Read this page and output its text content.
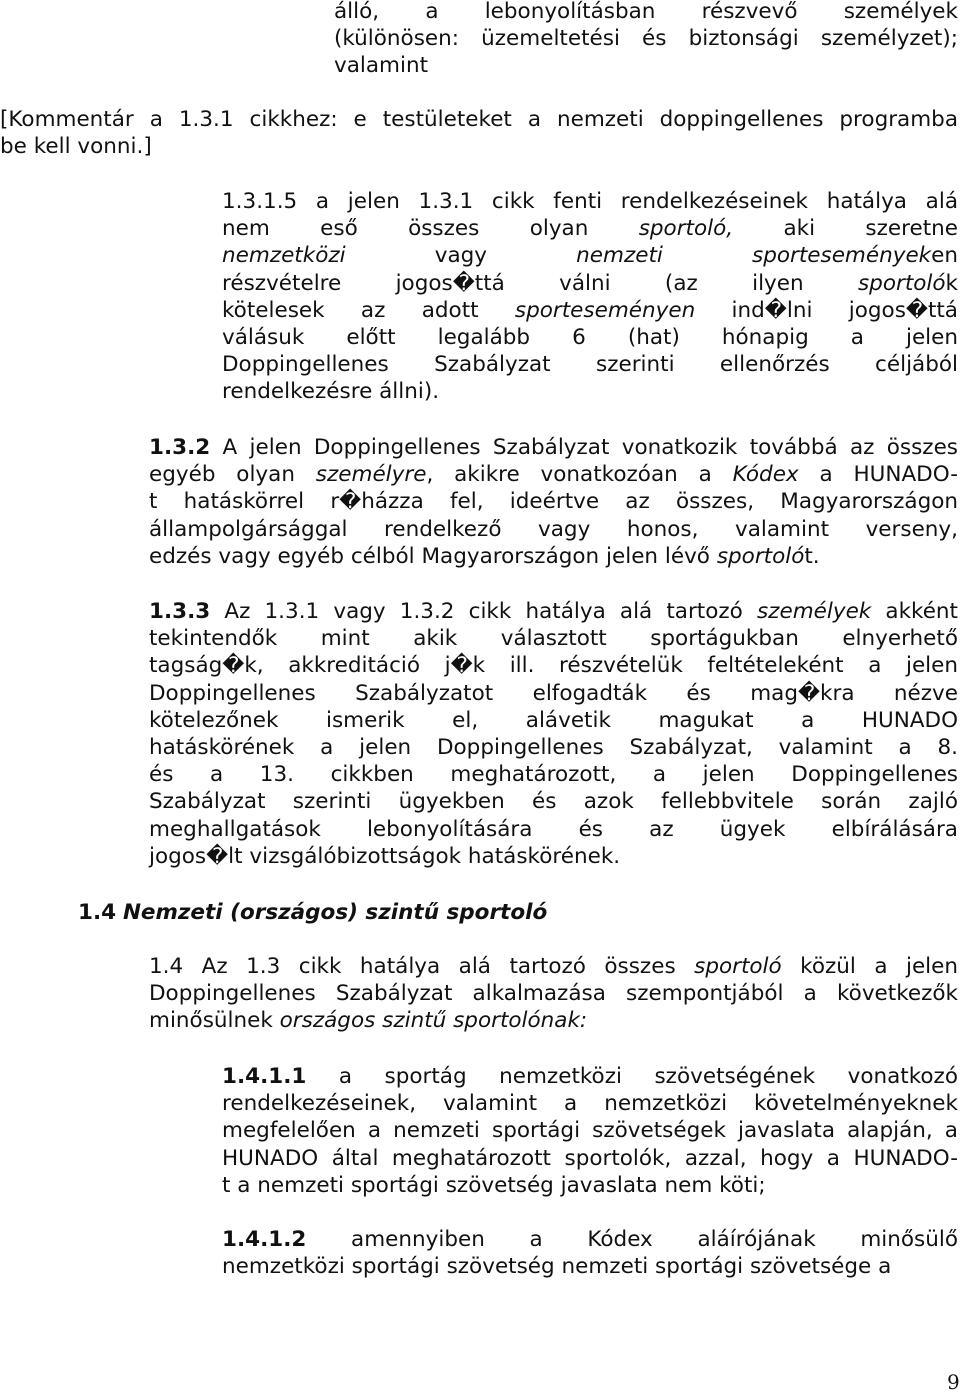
álló, a lebonyolításban részvevő személyek
(különösen: üzemeltetési és biztonsági személyzet);
valamint
[Kommentár a 1.3.1 cikkhez: e testületeket a nemzeti doppingellenes programba
be kell vonni.]
1.3.1.5 a jelen 1.3.1 cikk fenti rendelkezéseinek hatálya alá
nem eső összes olyan sportoló, aki szeretne
nemzetközi vagy nemzeti	sporteseményeken
részvételre jogos�ttá válni (az ilyen sportolók
kötelesek az adott sporteseményen ind�lni jogos�ttá
válásuk előtt legalább 6 (hat) hónapig a jelen
Doppingellenes Szabályzat szerinti ellenőrzés céljából
rendelkezésre állni).
1.3.2 A jelen Doppingellenes Szabályzat vonatkozik továbbá az összes
egyéb olyan személyre, akikre vonatkozóan a Kódex a HUNADO-
t hatáskörrel r�házza fel, ideértve az összes, Magyarországon
állampolgársággal rendelkező vagy honos, valamint verseny,
edzés vagy egyéb célból Magyarországon jelen lévő sportolót.
1.3.3 Az 1.3.1 vagy 1.3.2 cikk hatálya alá tartozó személyek akként
tekintendők mint akik választott sportágukban elnyerhető
tagság�k, akkreditáció j�k ill. részvételük feltételeként a jelen
Doppingellenes Szabályzatot elfogadták és mag�kra nézve
kötelezőnek ismerik el, alávetik magukat a HUNADO
hatáskörének a jelen Doppingellenes Szabályzat, valamint a 8.
és a 13. cikkben meghatározott, a jelen Doppingellenes
Szabályzat szerinti ügyekben és azok fellebbvitele során zajló
meghallgatások lebonyolítására és az ügyek elbírálására
jogos�lt vizsgálóbizottságok hatáskörének.
1.4 Nemzeti (országos) szintű sportoló
1.4 Az 1.3 cikk hatálya alá tartozó összes sportoló közül a jelen
Doppingellenes Szabályzat alkalmazása szempontjából a következők
minősülnek országos szintű sportolónak:
1.4.1.1 a sportág nemzetközi szövetségének vonatkozó
rendelkezéseinek, valamint a nemzetközi követelményeknek
megfelelően a nemzeti sportági szövetségek javaslata alapján, a
HUNADO által meghatározott sportolók, azzal, hogy a HUNADO-
t a nemzeti sportági szövetség javaslata nem köti;
1.4.1.2 amennyiben a Kódex aláírójának minősülő
nemzetközi sportági szövetség nemzeti sportági szövetsége a
9
